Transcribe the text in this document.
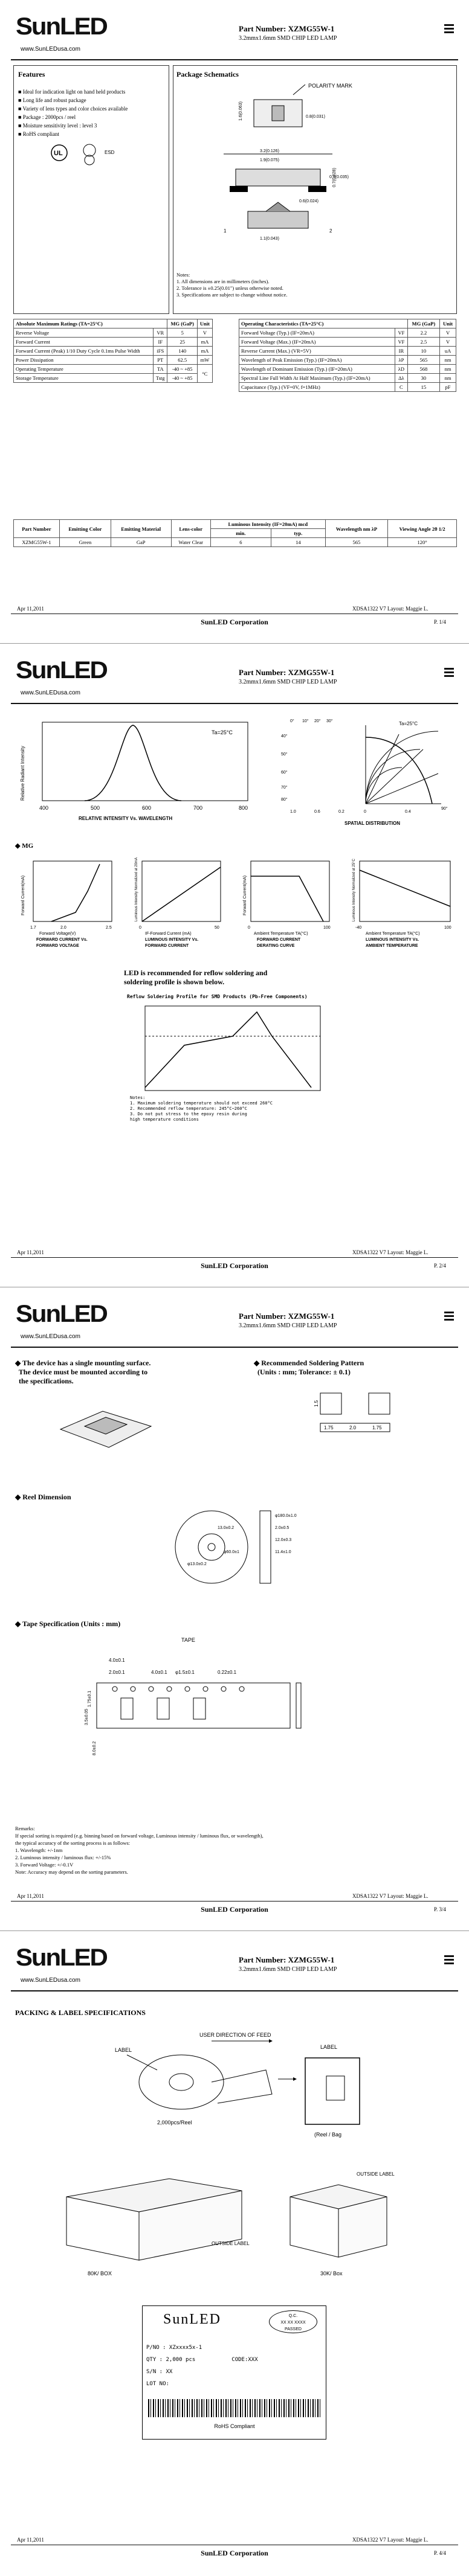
SunLED
www.SunLEDusa.com
Part Number: XZMG55W-1
3.2mmx1.6mm SMD CHIP LED LAMP
Features
■ Ideal for indication light on hand held products
■ Long life and robust package
■ Variety of lens types and color choices available
■ Package : 2000pcs / reel
■ Moisture sensitivity level : level 3
■ RoHS compliant
UL	ESD
Package Schematics
POLARITY MARK
1.6(0.063)	0.8(0.031)
3.2(0.126)
1.9(0.075)
0.9(0.035)
0.7(0.028)
0.6(0.024)
1	2
1.1(0.043)
Notes:
1. All dimensions are in millimeters (inches).
2. Tolerance is ±0.25(0.01") unless otherwise noted.
3. Specifications are subject to change without notice.
Absolute Maximum Ratings (TA=25°C)		MG (GaP)	Unit
Reverse Voltage	VR	5	V
Forward Current	IF	25	mA
Forward Current (Peak) 1/10 Duty Cycle 0.1ms Pulse Width	iFS	140	mA
Power Dissipation	PT	62.5	mW
Operating Temperature	TA	-40 ~ +85	°C
Storage Temperature	Tstg	-40 ~ +85	
Operating Characteristics (TA=25°C)		MG (GaP)	Unit
Forward Voltage (Typ.) (IF=20mA)	VF	2.2	V
Forward Voltage (Max.) (IF=20mA)	VF	2.5	V
Reverse Current (Max.) (VR=5V)	IR	10	uA
Wavelength of Peak Emission (Typ.) (IF=20mA)	λP	565	nm
Wavelength of Dominant Emission (Typ.) (IF=20mA)	λD	568	nm
Spectral Line Full Width At Half Maximum (Typ.) (IF=20mA)	Δλ	30	nm
Capacitance (Typ.) (VF=0V, f=1MHz)	C	15	pF
Part Number	Emitting Color	Emitting Material	Lens-color	Luminous Intensity (IF=20mA) mcd		Wavelength nm λP	Viewing Angle 2θ 1/2
				min.	typ.		
XZMG55W-1	Green	GaP	Water Clear	6	14	565	120°
Apr 11,2011	XDSA1322 V7 Layout: Maggie L.
SunLED Corporation	P. 1/4
SunLED
www.SunLEDusa.com
Part Number: XZMG55W-1
3.2mmx1.6mm SMD CHIP LED LAMP
Ta=25°C
Relative Radiant Intensity
400	500	600	700	800
RELATIVE INTENSITY Vs. WAVELENGTH
Ta=25°C
0° 10° 20° 30°
40°
50°
60°
70°
80°
90°
1.0	0.6	0.2	0	0.4
SPATIAL DISTRIBUTION
◆ MG
Forward Current(mA)
1.7	2.0	2.5
Forward Voltage(V)
FORWARD CURRENT Vs.
FORWARD VOLTAGE
Luminous Intensity Normalized at 20mA
0	50
IF-Forward Current (mA)
LUMINOUS INTENSITY Vs.
FORWARD CURRENT
Forward Current(mA)
0	100
Ambient Temperature TA(°C)
FORWARD CURRENT
DERATING CURVE
Luminous Intensity Normalized at 25°C
-40	100
Ambient Temperature TA(°C)
LUMINOUS INTENSITY Vs.
AMBIENT TEMPERATURE
LED is recommended for reflow soldering and
soldering profile is shown below.
Reflow Soldering Profile for SMD Products (Pb-Free Components)
Notes:
1. Maximum soldering temperature should not exceed 260°C
2. Recommended reflow temperature: 245°C~260°C
3. Do not put stress to the epoxy resin during
high temperature conditions
Apr 11,2011	XDSA1322 V7 Layout: Maggie L.
SunLED Corporation	P. 2/4
SunLED
www.SunLEDusa.com
Part Number: XZMG55W-1
3.2mmx1.6mm SMD CHIP LED LAMP
◆ The device has a single mounting surface.
The device must be mounted according to
the specifications.
◆ Recommended Soldering Pattern
(Units : mm; Tolerance: ± 0.1)
1.5
1.75	2.0	1.75
◆ Reel Dimension
13.0±0.2
φ60.0±1
φ13.0±0.2
φ180.0±1.0
2.0±0.5
12.0±0.3
11.4±1.0
◆ Tape Specification (Units : mm)
TAPE
4.0±0.1
2.0±0.1	4.0±0.1 φ1.5±0.1	0.22±0.1
1.75±0.1
3.5±0.05
8.0±0.2
Remarks:
If special sorting is required (e.g. binning based on forward voltage, Luminous intensity / luminous flux, or wavelength),
the typical accuracy of the sorting process is as follows:
1. Wavelength: +/-1nm
2. Luminous intensity / luminous flux: +/-15%
3. Forward Voltage: +/-0.1V
Note: Accuracy may depend on the sorting parameters.
Apr 11,2011	XDSA1322 V7 Layout: Maggie L.
SunLED Corporation	P. 3/4
SunLED
www.SunLEDusa.com
Part Number: XZMG55W-1
3.2mmx1.6mm SMD CHIP LED LAMP
PACKING & LABEL SPECIFICATIONS
USER DIRECTION OF FEED
LABEL
2,000pcs/Reel
LABEL
(Reel / Bag
OUTSIDE LABEL
80K/ BOX
OUTSIDE LABEL
30K/ Box
SunLED	Q.C.
XX XX XXXX
PASSED
P/NO : XZxxxx5x-1
QTY : 2,000 pcs	CODE:XXX
S/N : XX
LOT NO:
RoHS Compliant
Apr 11,2011	XDSA1322 V7 Layout: Maggie L.
SunLED Corporation	P. 4/4
